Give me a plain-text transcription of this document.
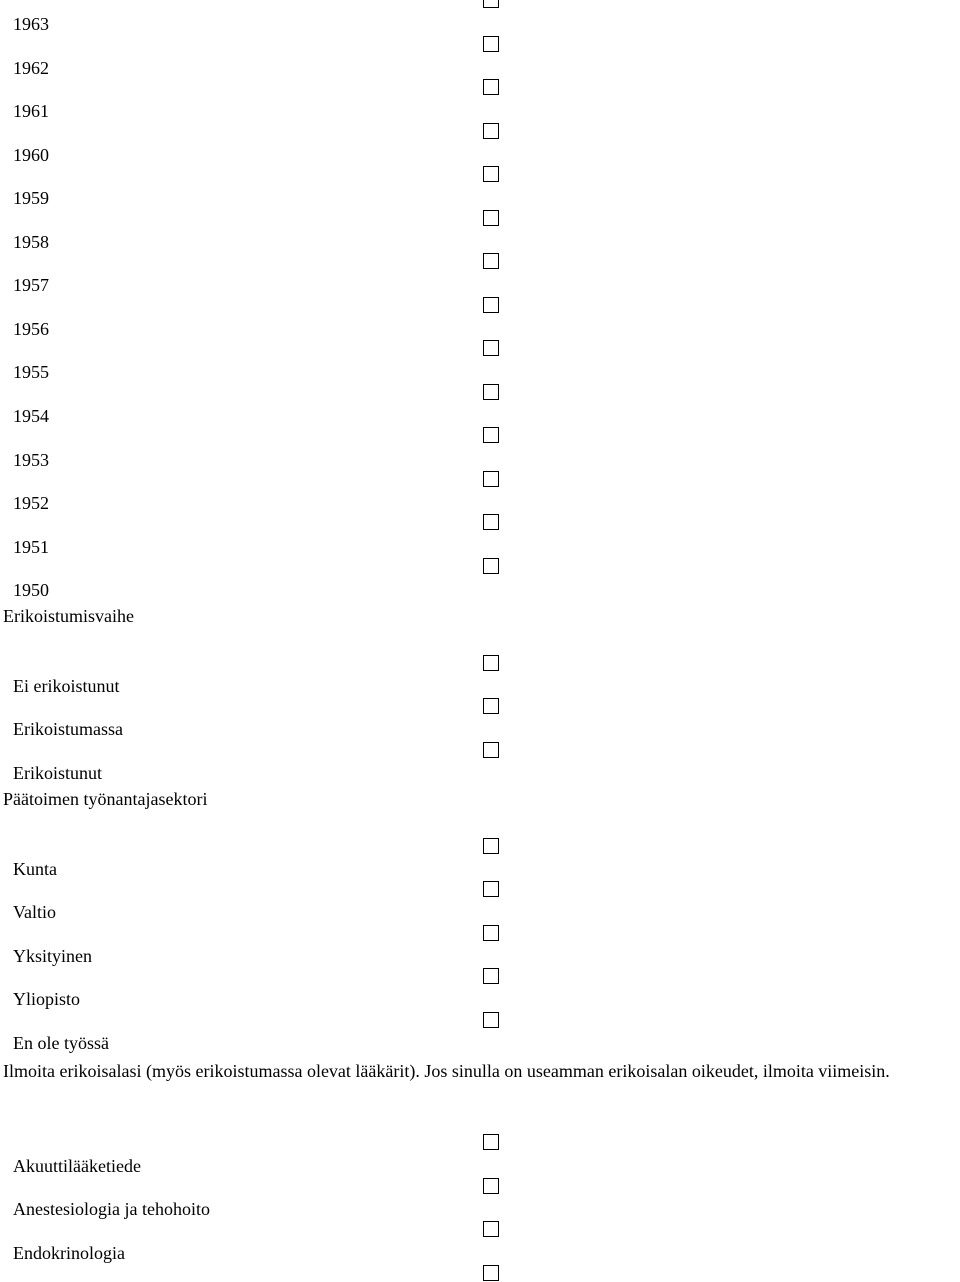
1963
1962
1961
1960
1959
1958
1957
1956
1955
1954
1953
1952
1951
1950
Erikoistumisvaihe
Ei erikoistunut
Erikoistumassa
Erikoistunut
Päätoimen työnantajasektori
Kunta
Valtio
Yksityinen
Yliopisto
En ole työssä
Ilmoita erikoisalasi (myös erikoistumassa olevat lääkärit). Jos sinulla on useamman erikoisalan oikeudet, ilmoita viimeisin.
Akuuttilääketiede
Anestesiologia ja tehohoito
Endokrinologia
